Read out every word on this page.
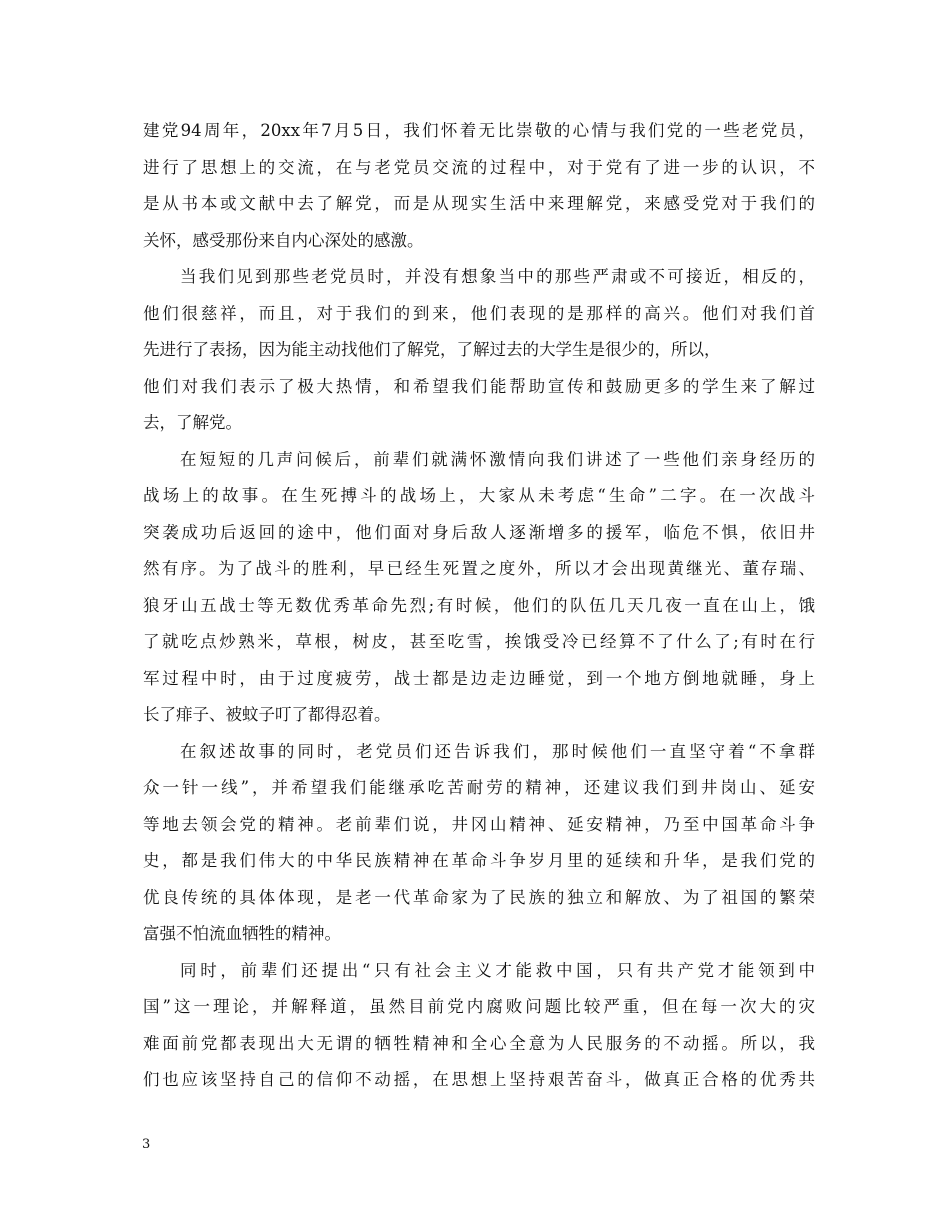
建党94周年，20xx年7月5日，我们怀着无比崇敬的心情与我们党的一些老党员，
进行了思想上的交流，在与老党员交流的过程中，对于党有了进一步的认识，不
是从书本或文献中去了解党，而是从现实生活中来理解党，来感受党对于我们的
关怀，感受那份来自内心深处的感激。
当我们见到那些老党员时，并没有想象当中的那些严肃或不可接近，相反的，
他们很慈祥，而且，对于我们的到来，他们表现的是那样的高兴。他们对我们首
先进行了表扬，因为能主动找他们了解党，了解过去的大学生是很少的，所以，
他们对我们表示了极大热情，和希望我们能帮助宣传和鼓励更多的学生来了解过
去，了解党。
在短短的几声问候后，前辈们就满怀激情向我们讲述了一些他们亲身经历的
战场上的故事。在生死搏斗的战场上，大家从未考虑“生命”二字。在一次战斗
突袭成功后返回的途中，他们面对身后敌人逐渐增多的援军，临危不惧，依旧井
然有序。为了战斗的胜利，早已经生死置之度外，所以才会出现黄继光、董存瑞、
狼牙山五战士等无数优秀革命先烈;有时候，他们的队伍几天几夜一直在山上，饿
了就吃点炒熟米，草根，树皮，甚至吃雪，挨饿受冷已经算不了什么了;有时在行
军过程中时，由于过度疲劳，战士都是边走边睡觉，到一个地方倒地就睡，身上
长了痱子、被蚊子叮了都得忍着。
在叙述故事的同时，老党员们还告诉我们，那时候他们一直坚守着“不拿群
众一针一线”，并希望我们能继承吃苦耐劳的精神，还建议我们到井岗山、延安
等地去领会党的精神。老前辈们说，井冈山精神、延安精神，乃至中国革命斗争
史，都是我们伟大的中华民族精神在革命斗争岁月里的延续和升华，是我们党的
优良传统的具体体现，是老一代革命家为了民族的独立和解放、为了祖国的繁荣
富强不怕流血牺牲的精神。
同时，前辈们还提出“只有社会主义才能救中国，只有共产党才能领到中
国”这一理论，并解释道，虽然目前党内腐败问题比较严重，但在每一次大的灾
难面前党都表现出大无谓的牺牲精神和全心全意为人民服务的不动摇。所以，我
们也应该坚持自己的信仰不动摇，在思想上坚持艰苦奋斗，做真正合格的优秀共
3
